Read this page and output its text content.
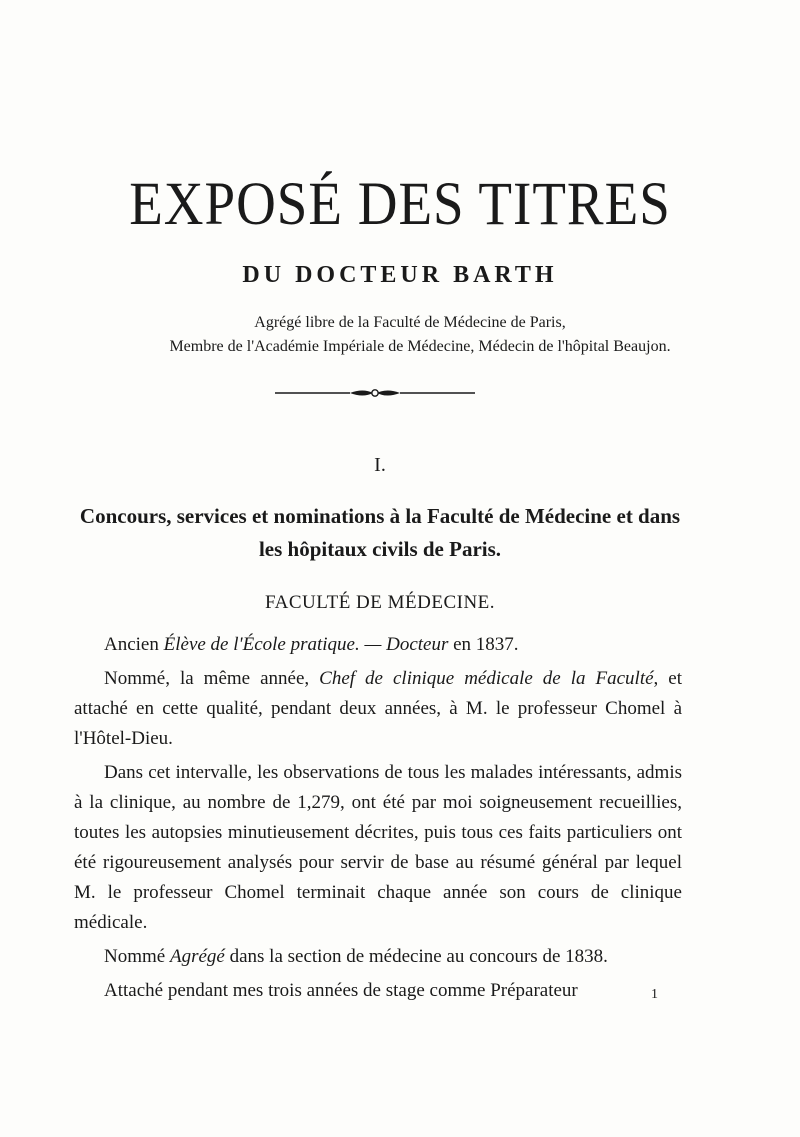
EXPOSÉ DES TITRES
DU DOCTEUR BARTH
Agrégé libre de la Faculté de Médecine de Paris,
Membre de l'Académie Impériale de Médecine, Médecin de l'hôpital Beaujon.
I.
Concours, services et nominations à la Faculté de Médecine et dans les hôpitaux civils de Paris.
FACULTÉ DE MÉDECINE.

Ancien Élève de l'École pratique. — Docteur en 1837.

Nommé, la même année, Chef de clinique médicale de la Faculté, et attaché en cette qualité, pendant deux années, à M. le professeur Chomel à l'Hôtel-Dieu.

Dans cet intervalle, les observations de tous les malades intéressants, admis à la clinique, au nombre de 1,279, ont été par moi soigneusement recueillies, toutes les autopsies minutieusement décrites, puis tous ces faits particuliers ont été rigoureusement analysés pour servir de base au résumé général par lequel M. le professeur Chomel terminait chaque année son cours de clinique médicale.

Nommé Agrégé dans la section de médecine au concours de 1838.

Attaché pendant mes trois années de stage comme Préparateur	1
